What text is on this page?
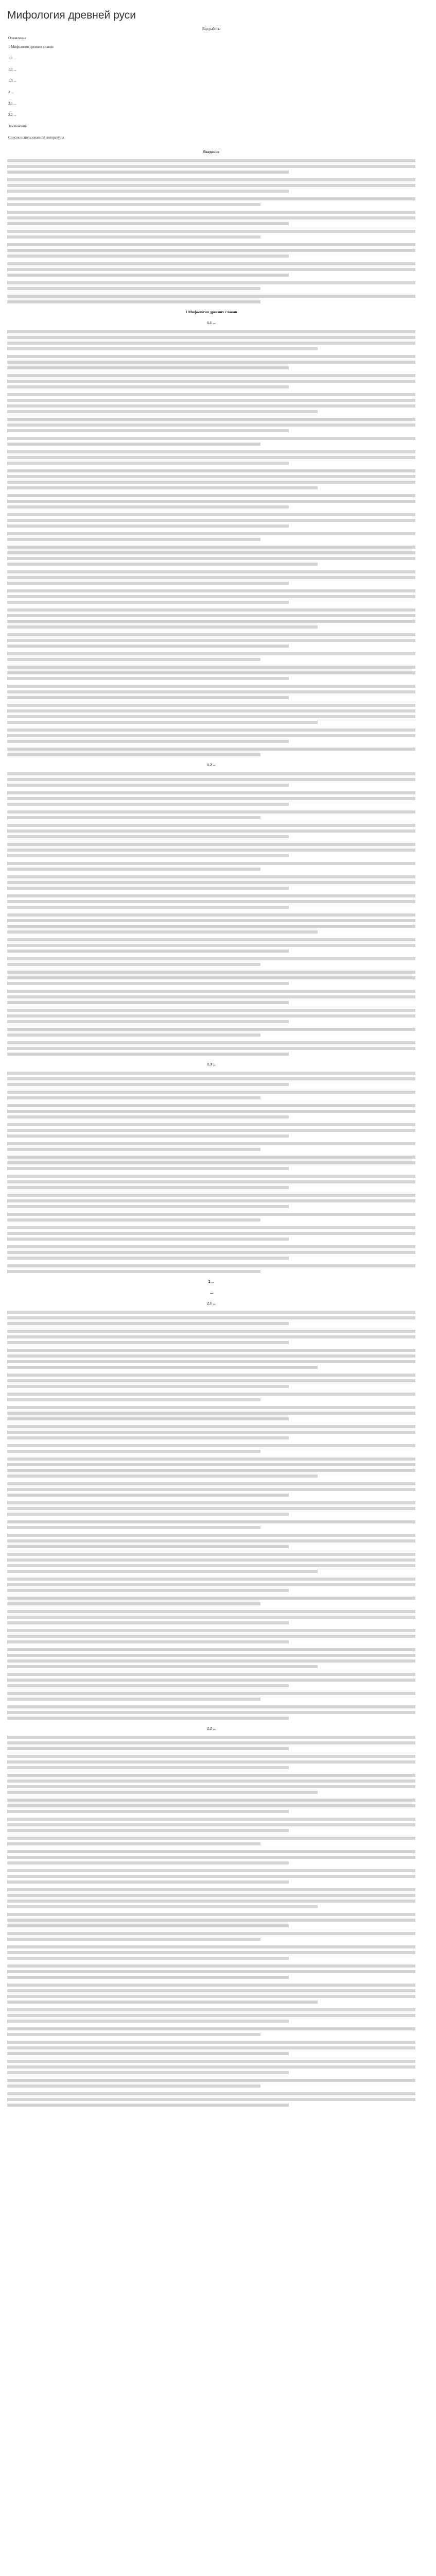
Мифология древней руси
Вид работы
Оглавление
1 Мифология древних славян
1.1 ...
1.2 ...
1.3 ...
2 ...
2.1 ...
2.2 ...
Заключение
Список использованной литературы
Введение
1 Мифология древних славян
1.1 ...
1.2 ...
1.3 ...
2 ...
...
2.1 ...
2.2 ...
